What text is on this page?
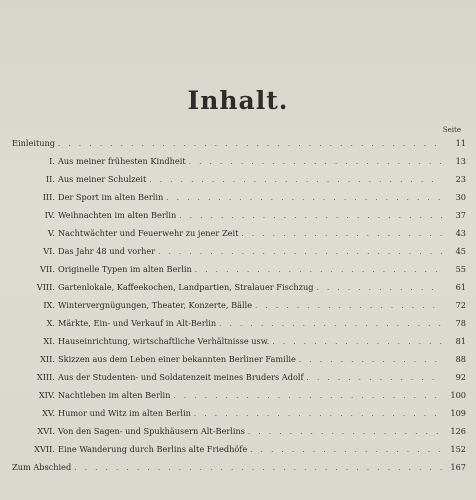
Inhalt.
Seite
Einleitung . . .	11
I. Aus meiner frühesten Kindheit . . .	13
II. Aus meiner Schulzeit . . .	23
III. Der Sport im alten Berlin . . .	30
IV. Weihnachten im alten Berlin . . .	37
V. Nachtwächter und Feuerwehr zu jener Zeit . . .	43
VI. Das Jahr 48 und vorher . . .	45
VII. Originelle Typen im alten Berlin . . .	55
VIII. Gartenlokale, Kaffeekochen, Landpartien, Stralauer Fischzug . . .	61
IX. Wintervergnügungen, Theater, Konzerte, Bälle . . .	72
X. Märkte, Ein- und Verkauf in Alt-Berlin . . .	78
XI. Hauseinrichtung, wirtschaftliche Verhältnisse usw. . . .	81
XII. Skizzen aus dem Leben einer bekannten Berliner Familie . . .	88
XIII. Aus der Studenten- und Soldatenzeit meines Bruders Adolf . . .	92
XIV. Nachtleben im alten Berlin . . .	100
XV. Humor und Witz im alten Berlin . . .	109
XVI. Von den Sagen- und Spukhäusern Alt-Berlins . . .	126
XVII. Eine Wanderung durch Berlins alte Friedhöfe . . .	152
Zum Abschied . . .	167
